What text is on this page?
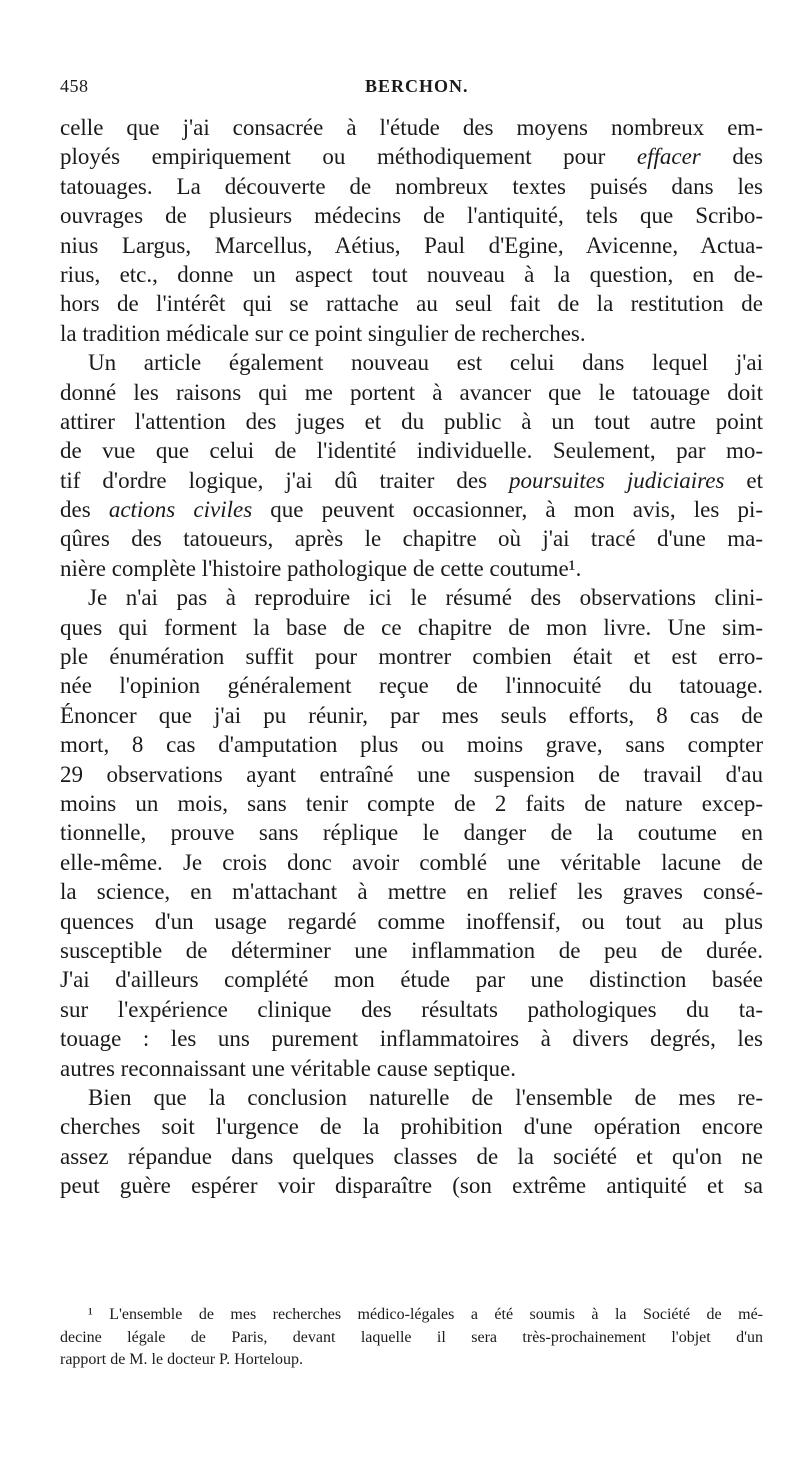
458	BERCHON.
celle que j'ai consacrée à l'étude des moyens nombreux em-
ployés empiriquement ou méthodiquement pour effacer des
tatouages. La découverte de nombreux textes puisés dans les
ouvrages de plusieurs médecins de l'antiquité, tels que Scribo-
nius Largus, Marcellus, Aétius, Paul d'Egine, Avicenne, Actua-
rius, etc., donne un aspect tout nouveau à la question, en de-
hors de l'intérêt qui se rattache au seul fait de la restitution de
la tradition médicale sur ce point singulier de recherches.
Un article également nouveau est celui dans lequel j'ai
donné les raisons qui me portent à avancer que le tatouage doit
attirer l'attention des juges et du public à un tout autre point
de vue que celui de l'identité individuelle. Seulement, par mo-
tif d'ordre logique, j'ai dû traiter des poursuites judiciaires et
des actions civiles que peuvent occasionner, à mon avis, les pi-
qûres des tatoueurs, après le chapitre où j'ai tracé d'une ma-
nière complète l'histoire pathologique de cette coutume¹.
Je n'ai pas à reproduire ici le résumé des observations clini-
ques qui forment la base de ce chapitre de mon livre. Une sim-
ple énumération suffit pour montrer combien était et est erro-
née l'opinion généralement reçue de l'innocuité du tatouage.
Énoncer que j'ai pu réunir, par mes seuls efforts, 8 cas de
mort, 8 cas d'amputation plus ou moins grave, sans compter
29 observations ayant entraîné une suspension de travail d'au
moins un mois, sans tenir compte de 2 faits de nature excep-
tionnelle, prouve sans réplique le danger de la coutume en
elle-même. Je crois donc avoir comblé une véritable lacune de
la science, en m'attachant à mettre en relief les graves consé-
quences d'un usage regardé comme inoffensif, ou tout au plus
susceptible de déterminer une inflammation de peu de durée.
J'ai d'ailleurs complété mon étude par une distinction basée
sur l'expérience clinique des résultats pathologiques du ta-
touage : les uns purement inflammatoires à divers degrés, les
autres reconnaissant une véritable cause septique.
Bien que la conclusion naturelle de l'ensemble de mes re-
cherches soit l'urgence de la prohibition d'une opération encore
assez répandue dans quelques classes de la société et qu'on ne
peut guère espérer voir disparaître (son extrême antiquité et sa
¹ L'ensemble de mes recherches médico-légales a été soumis à la Société de mé-
decine légale de Paris, devant laquelle il sera très-prochainement l'objet d'un
rapport de M. le docteur P. Horteloup.
